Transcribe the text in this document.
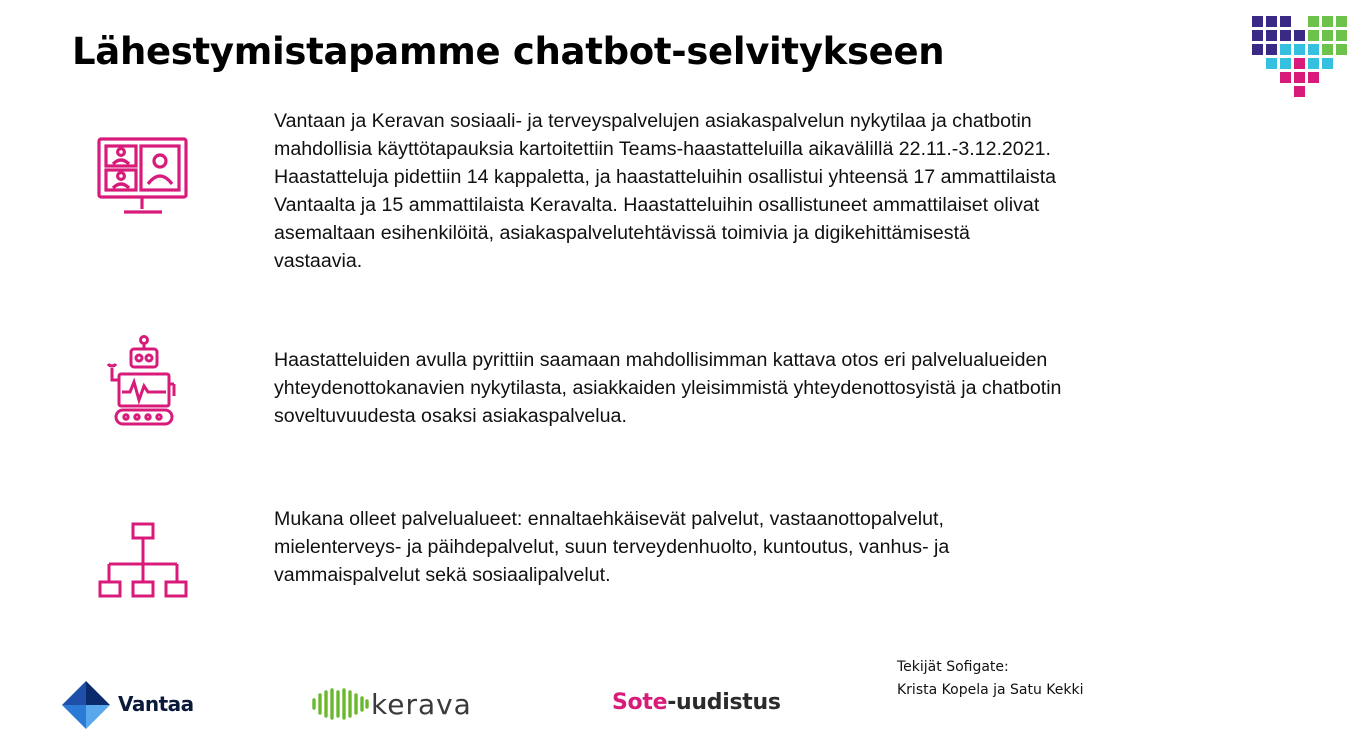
Lähestymistapamme chatbot-selvitykseen

Vantaan ja Keravan sosiaali- ja terveyspalvelujen asiakaspalvelun nykytilaa ja chatbotin
mahdollisia käyttötapauksia kartoitettiin Teams-haastatteluilla aikavälillä 22.11.-3.12.2021.
Haastatteluja pidettiin 14 kappaletta, ja haastatteluihin osallistui yhteensä 17 ammattilaista
Vantaalta ja 15 ammattilaista Keravalta. Haastatteluihin osallistuneet ammattilaiset olivat
asemaltaan esihenkilöitä, asiakaspalvelutehtävissä toimivia ja digikehittämisestä
vastaavia.

Haastatteluiden avulla pyrittiin saamaan mahdollisimman kattava otos eri palvelualueiden
yhteydenottokanavien nykytilasta, asiakkaiden yleisimmistä yhteydenottosyistä ja chatbotin
soveltuvuudesta osaksi asiakaspalvelua.

Mukana olleet palvelualueet: ennaltaehkäisevät palvelut, vastaanottopalvelut,
mielenterveys- ja päihdepalvelut, suun terveydenhuolto, kuntoutus, vanhus- ja
vammaispalvelut sekä sosiaalipalvelut.

Tekijät Sofigate:
Krista Kopela ja Satu Kekki
Vantaa	kerava	Sote-uudistus
